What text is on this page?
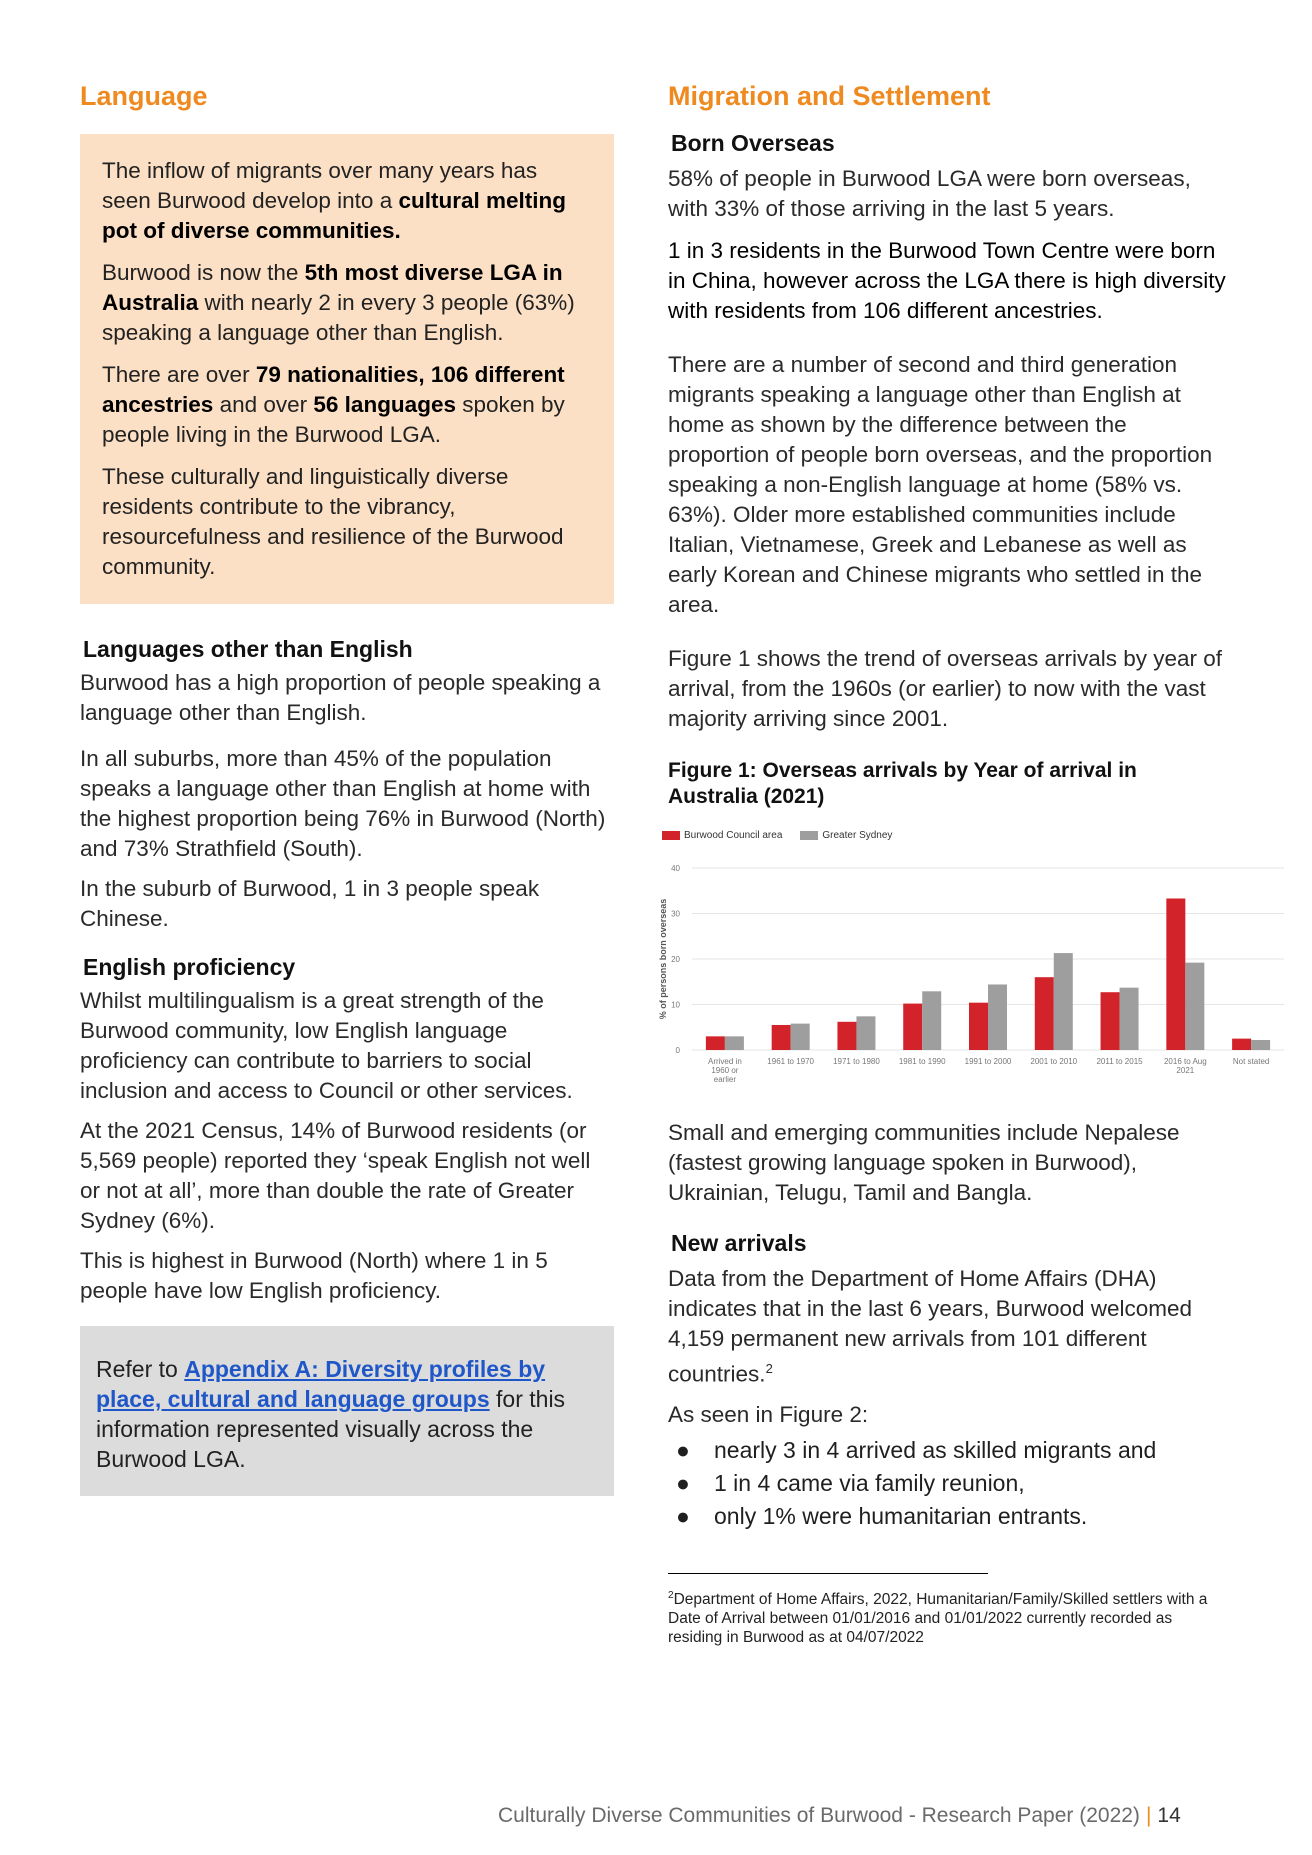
Language

The inflow of migrants over many years has seen Burwood develop into a cultural melting pot of diverse communities.

Burwood is now the 5th most diverse LGA in Australia with nearly 2 in every 3 people (63%) speaking a language other than English.

There are over 79 nationalities, 106 different ancestries and over 56 languages spoken by people living in the Burwood LGA.

These culturally and linguistically diverse residents contribute to the vibrancy, resourcefulness and resilience of the Burwood community.

Languages other than English

Burwood has a high proportion of people speaking a language other than English.

In all suburbs, more than 45% of the population speaks a language other than English at home with the highest proportion being 76% in Burwood (North) and 73% Strathfield (South).

In the suburb of Burwood, 1 in 3 people speak Chinese.

English proficiency

Whilst multilingualism is a great strength of the Burwood community, low English language proficiency can contribute to barriers to social inclusion and access to Council or other services.

At the 2021 Census, 14% of Burwood residents (or 5,569 people) reported they ‘speak English not well or not at all’, more than double the rate of Greater Sydney (6%).

This is highest in Burwood (North) where 1 in 5 people have low English proficiency.

Refer to Appendix A: Diversity profiles by place, cultural and language groups for this information represented visually across the Burwood LGA.

Migration and Settlement
Born Overseas

58% of people in Burwood LGA were born overseas, with 33% of those arriving in the last 5 years.

1 in 3 residents in the Burwood Town Centre were born in China, however across the LGA there is high diversity with residents from 106 different ancestries.

There are a number of second and third generation migrants speaking a language other than English at home as shown by the difference between the proportion of people born overseas, and the proportion speaking a non-English language at home (58% vs. 63%). Older more established communities include Italian, Vietnamese, Greek and Lebanese as well as early Korean and Chinese migrants who settled in the area.

Figure 1 shows the trend of overseas arrivals by year of arrival, from the 1960s (or earlier) to now with the vast majority arriving since 2001.

Figure 1: Overseas arrivals by Year of arrival in Australia (2021)
Burwood Council area	Greater Sydney
0
10
20
30
40
% of persons born overseas
Arrived in
1960 or
earlier
1961 to 1970 1971 to 1980 1981 to 1990 1991 to 2000 2001 to 2010 2011 to 2015	2016 to Aug
2021
Not stated

Small and emerging communities include Nepalese (fastest growing language spoken in Burwood), Ukrainian, Telugu, Tamil and Bangla.

New arrivals

Data from the Department of Home Affairs (DHA) indicates that in the last 6 years, Burwood welcomed 4,159 permanent new arrivals from 101 different countries.$^2$

As seen in Figure 2:

● nearly 3 in 4 arrived as skilled migrants and
● 1 in 4 came via family reunion,
● only 1% were humanitarian entrants.

$^2$Department of Home Affairs, 2022, Humanitarian/Family/Skilled settlers with a Date of Arrival between 01/01/2016 and 01/01/2022 currently recorded as residing in Burwood as at 04/07/2022

Culturally Diverse Communities of Burwood - Research Paper (2022) | 14
